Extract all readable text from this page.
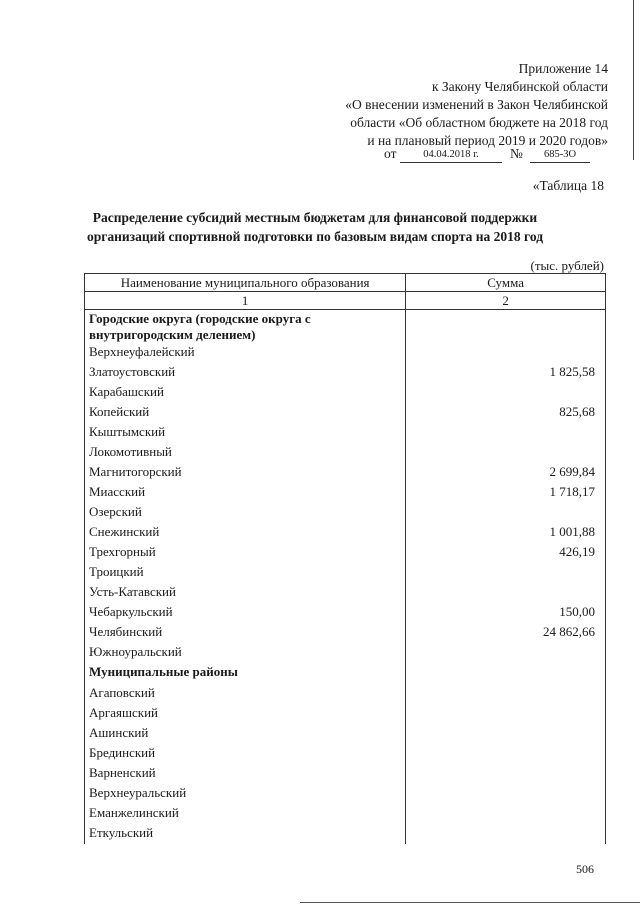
Приложение 14
к Закону Челябинской области
«О внесении изменений в Закон Челябинской
области «Об областном бюджете на 2018 год
и на плановый период 2019 и 2020 годов»
от	04.04.2018 г.	№	685-ЗО
«Таблица 18
Распределение субсидий местным бюджетам для финансовой поддержки организаций спортивной подготовки по базовым видам спорта на 2018 год
(тыс. рублей)
Наименование муниципального образования	Сумма
1	2
Городские округа (городские округа с внутригородским делением)	
Верхнеуфалейский	
Златоустовский	1 825,58
Карабашский	
Копейский	825,68
Кыштымский	
Локомотивный	
Магнитогорский	2 699,84
Миасский	1 718,17
Озерский	
Снежинский	1 001,88
Трехгорный	426,19
Троицкий	
Усть-Катавский	
Чебаркульский	150,00
Челябинский	24 862,66
Южноуральский	
Муниципальные районы	
Агаповский	
Аргаяшский	
Ашинский	
Брединский	
Варненский	
Верхнеуральский	
Еманжелинский	
Еткульский	
506
